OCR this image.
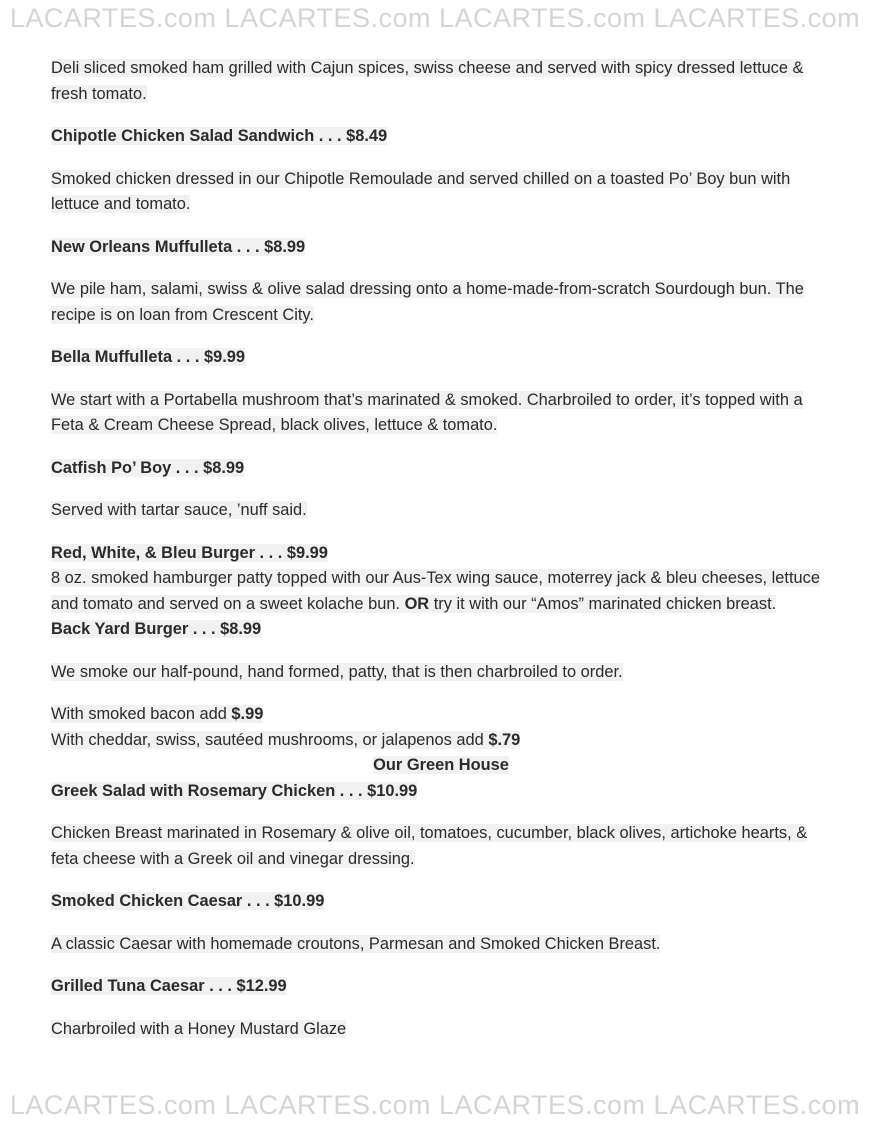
LACARTES.com LACARTES.com LACARTES.com LACARTES.com

Deli sliced smoked ham grilled with Cajun spices, swiss cheese and served with spicy dressed lettuce & fresh tomato.

Chipotle Chicken Salad Sandwich . . . $8.49

Smoked chicken dressed in our Chipotle Remoulade and served chilled on a toasted Po’ Boy bun with lettuce and tomato.

New Orleans Muffulleta . . . $8.99

We pile ham, salami, swiss & olive salad dressing onto a home-made-from-scratch Sourdough bun. The recipe is on loan from Crescent City.

Bella Muffulleta . . . $9.99

We start with a Portabella mushroom that’s marinated & smoked. Charbroiled to order, it’s topped with a Feta & Cream Cheese Spread, black olives, lettuce & tomato.

Catfish Po’ Boy . . . $8.99

Served with tartar sauce, ’nuff said.

Red, White, & Bleu Burger . . . $9.99

8 oz. smoked hamburger patty topped with our Aus-Tex wing sauce, moterrey jack & bleu cheeses, lettuce and tomato and served on a sweet kolache bun. OR try it with our “Amos” marinated chicken breast.

Back Yard Burger . . . $8.99

We smoke our half-pound, hand formed, patty, that is then charbroiled to order.

With smoked bacon add $.99

With cheddar, swiss, sautéed mushrooms, or jalapenos add $.79

Our Green House

Greek Salad with Rosemary Chicken . . . $10.99

Chicken Breast marinated in Rosemary & olive oil, tomatoes, cucumber, black olives, artichoke hearts, & feta cheese with a Greek oil and vinegar dressing.

Smoked Chicken Caesar . . . $10.99

A classic Caesar with homemade croutons, Parmesan and Smoked Chicken Breast.

Grilled Tuna Caesar . . . $12.99

Charbroiled with a Honey Mustard Glaze

LACARTES.com LACARTES.com LACARTES.com LACARTES.com
